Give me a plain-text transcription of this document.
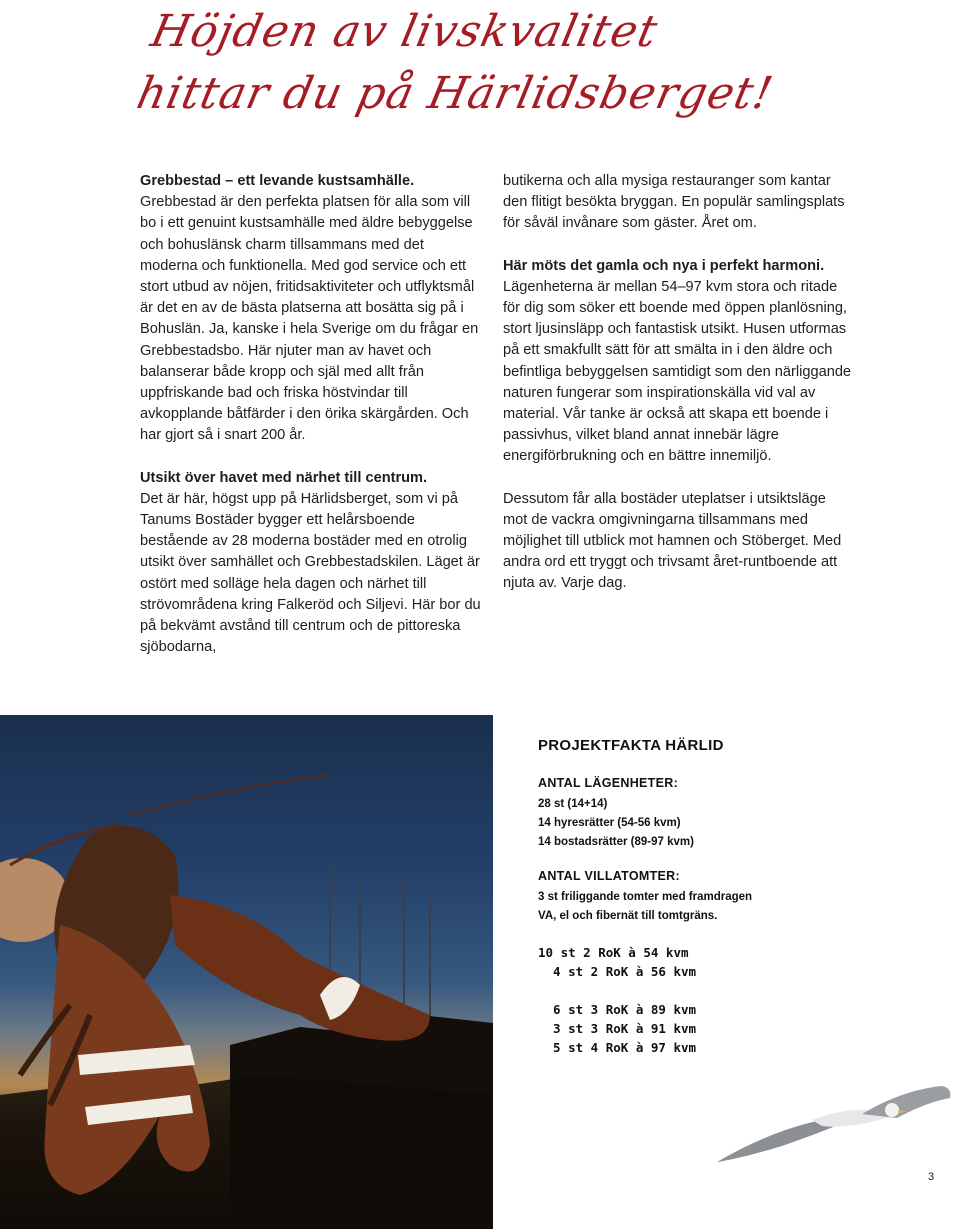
Höjden av livskvalitet
hittar du på Härlidsberget!
Grebbestad – ett levande kustsamhälle.

Grebbestad är den perfekta platsen för alla som vill bo i ett genuint kustsamhälle med äldre bebyggelse och bohuslänsk charm tillsammans med det moderna och funktionella. Med god service och ett stort utbud av nöjen, fritidsaktiviteter och utflyktsmål är det en av de bästa platserna att bosätta sig på i Bohuslän. Ja, kanske i hela Sverige om du frågar en Grebbestadsbo. Här njuter man av havet och balanserar både kropp och själ med allt från uppfriskande bad och friska höstvindar till avkopplande båtfärder i den örika skärgården. Och har gjort så i snart 200 år.

Utsikt över havet med närhet till centrum.

Det är här, högst upp på Härlidsberget, som vi på Tanums Bostäder bygger ett helårsboende bestående av 28 moderna bostäder med en otrolig utsikt över samhället och Grebbestadskilen. Läget är ostört med solläge hela dagen och närhet till strövområdena kring Falkeröd och Siljevi. Här bor du på bekvämt avstånd till centrum och de pittoreska sjöbodarna,

butikerna och alla mysiga restauranger som kantar den flitigt besökta bryggan. En populär samlingsplats för såväl invånare som gäster. Året om.

Här möts det gamla och nya i perfekt harmoni.

Lägenheterna är mellan 54–97 kvm stora och ritade för dig som söker ett boende med öppen planlösning, stort ljusinsläpp och fantastisk utsikt. Husen utformas på ett smakfullt sätt för att smälta in i den äldre och befintliga bebyggelsen samtidigt som den närliggande naturen fungerar som inspirationskälla vid val av material. Vår tanke är också att skapa ett boende i passivhus, vilket bland annat innebär lägre energiförbrukning och en bättre innemiljö.

Dessutom får alla bostäder uteplatser i utsiktsläge mot de vackra omgivningarna tillsammans med möjlighet till utblick mot hamnen och Stöberget. Med andra ord ett tryggt och trivsamt året-runtboende att njuta av. Varje dag.

PROJEKTFAKTA HÄRLID
ANTAL LÄGENHETER:
28 st (14+14)
14 hyresrätter (54-56 kvm)
14 bostadsrätter (89-97 kvm)
ANTAL VILLATOMTER:
3 st friliggande tomter med framdragen
VA, el och fibernät till tomtgräns.
10 st 2 RoK à 54 kvm
4 st 2 RoK à 56 kvm
6 st 3 RoK à 89 kvm
3 st 3 RoK à 91 kvm
5 st 4 RoK à 97 kvm
3
